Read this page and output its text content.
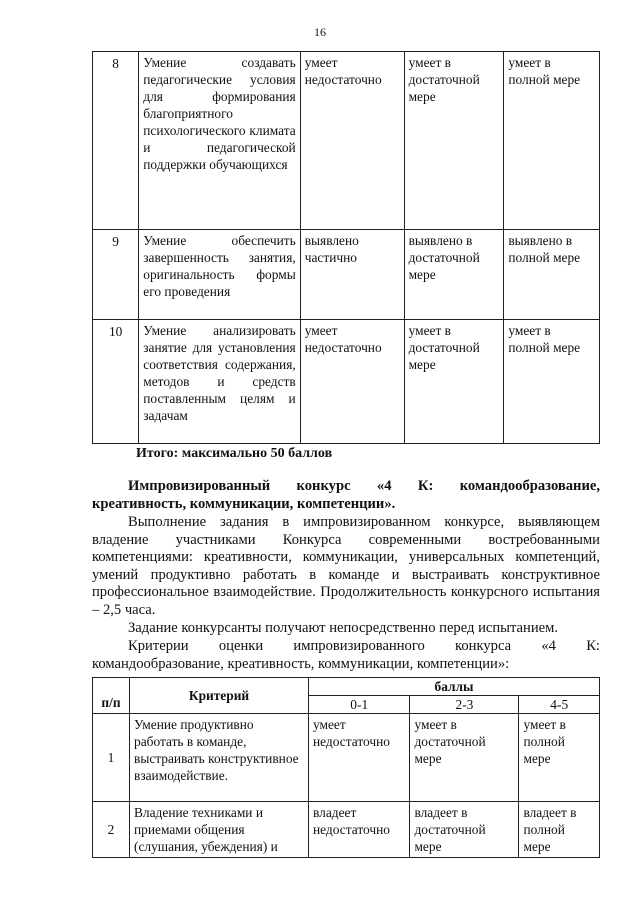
16
8	Умение создавать педагогические условия для формирования благоприятного психологического климата и педагогической поддержки обучающихся	умеет недостаточно	умеет в достаточной мере	умеет в полной мере
9	Умение обеспечить завершенность занятия, оригинальность формы его проведения	выявлено частично	выявлено в достаточной мере	выявлено в полной мере
10	Умение анализировать занятие для установления соответствия содержания, методов и средств поставленным целям и задачам	умеет недостаточно	умеет в достаточной мере	умеет в полной мере
Итого: максимально 50 баллов
Импровизированный конкурс «4 К: командообразование, креативность, коммуникации, компетенции».
Выполнение задания в импровизированном конкурсе, выявляющем владение участниками Конкурса современными востребованными компетенциями: креативности, коммуникации, универсальных компетенций, умений продуктивно работать в команде и выстраивать конструктивное профессиональное взаимодействие. Продолжительность конкурсного испытания – 2,5 часа.
Задание конкурсанты получают непосредственно перед испытанием.
Критерии оценки импровизированного конкурса «4 К: командообразование, креативность, коммуникации, компетенции»:
п/п	Критерий	баллы		
		0-1	2-3	4-5
1	Умение продуктивно работать в команде, выстраивать конструктивное взаимодействие.	умеет недостаточно	умеет в достаточной мере	умеет в полной мере
2	Владение техниками и приемами общения (слушания, убеждения) и	владеет недостаточно	владеет в достаточной мере	владеет в полной мере
